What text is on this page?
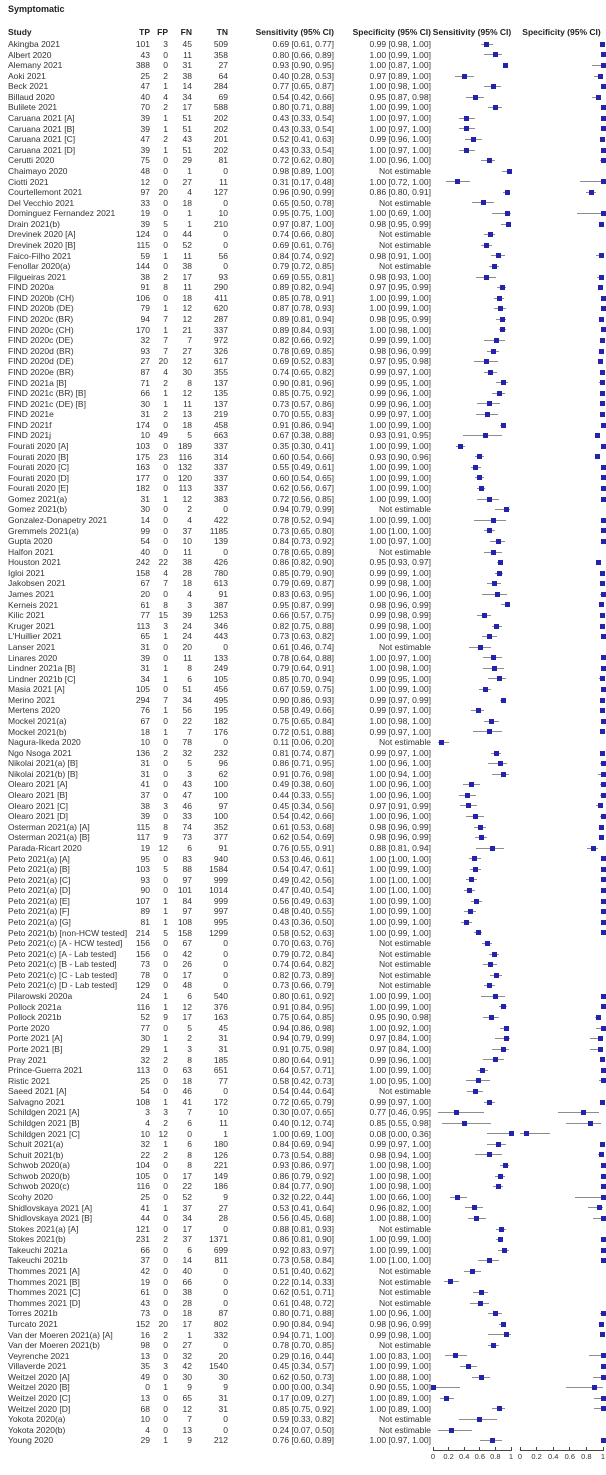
Symptomatic
Study	TP FP	FN	TN	Sensitivity (95% CI)	Specificity (95% CI) Sensitivity (95% CI) Specificity (95% CI)
Akingba 2021	101	3	45	509	0.69 [0.61, 0.77]	0.99 [0.98, 1.00]
Albert 2020	43	0	11	358	0.80 [0.66, 0.89]	1.00 [0.99, 1.00]
Alemany 2021	388	0	31	27	0.93 [0.90, 0.95]	1.00 [0.87, 1.00]
Aoki 2021	25	2	38	64	0.40 [0.28, 0.53]	0.97 [0.89, 1.00]
Beck 2021	47	1	14	284	0.77 [0.65, 0.87]	1.00 [0.98, 1.00]
Billaud 2020	40	4	34	69	0.54 [0.42, 0.66]	0.95 [0.87, 0.98]
Bulilete 2021	70	2	17	588	0.80 [0.71, 0.88]	1.00 [0.99, 1.00]
Caruana 2021 [A]	39	1	51	202	0.43 [0.33, 0.54]	1.00 [0.97, 1.00]
Caruana 2021 [B]	39	1	51	202	0.43 [0.33, 0.54]	1.00 [0.97, 1.00]
Caruana 2021 [C]	47	2	43	201	0.52 [0.41, 0.63]	0.99 [0.96, 1.00]
Caruana 2021 [D]	39	1	51	202	0.43 [0.33, 0.54]	1.00 [0.97, 1.00]
Cerutti 2020	75	0	29	81	0.72 [0.62, 0.80]	1.00 [0.96, 1.00]
Chaimayo 2020	48	0	1	0	0.98 [0.89, 1.00]	Not estimable
Ciotti 2021	12	0	27	11	0.31 [0.17, 0.48]	1.00 [0.72, 1.00]
Courtellemont 2021	97	20	4	127	0.96 [0.90, 0.99]	0.86 [0.80, 0.91]
Del Vecchio 2021	33	0	18	0	0.65 [0.50, 0.78]	Not estimable
Dominguez Fernandez 2021	19	0	1	10	0.95 [0.75, 1.00]	1.00 [0.69, 1.00]
Drain 2021(b)	39	5	1	210	0.97 [0.87, 1.00]	0.98 [0.95, 0.99]
Drevinek 2020 [A]	124	0	44	0	0.74 [0.66, 0.80]	Not estimable
Drevinek 2020 [B]	115	0	52	0	0.69 [0.61, 0.76]	Not estimable
Faico-Filho 2021	59	1	11	56	0.84 [0.74, 0.92]	0.98 [0.91, 1.00]
Fenollar 2020(a)	144	0	38	0	0.79 [0.72, 0.85]	Not estimable
Filgueiras 2021	38	2	17	93	0.69 [0.55, 0.81]	0.98 [0.93, 1.00]
FIND 2020a	91	8	11	290	0.89 [0.82, 0.94]	0.97 [0.95, 0.99]
FIND 2020b (CH)	106	0	18	411	0.85 [0.78, 0.91]	1.00 [0.99, 1.00]
FIND 2020b (DE)	79	1	12	620	0.87 [0.78, 0.93]	1.00 [0.99, 1.00]
FIND 2020c (BR)	94	7	12	287	0.89 [0.81, 0.94]	0.98 [0.95, 0.99]
FIND 2020c (CH)	170	1	21	337	0.89 [0.84, 0.93]	1.00 [0.98, 1.00]
FIND 2020c (DE)	32	7	7	972	0.82 [0.66, 0.92]	0.99 [0.99, 1.00]
FIND 2020d (BR)	93	7	27	326	0.78 [0.69, 0.85]	0.98 [0.96, 0.99]
FIND 2020d (DE)	27	20	12	617	0.69 [0.52, 0.83]	0.97 [0.95, 0.98]
FIND 2020e (BR)	87	4	30	355	0.74 [0.65, 0.82]	0.99 [0.97, 1.00]
FIND 2021a [B]	71	2	8	137	0.90 [0.81, 0.96]	0.99 [0.95, 1.00]
FIND 2021c (BR) [B]	66	1	12	135	0.85 [0.75, 0.92]	0.99 [0.96, 1.00]
FIND 2021c (DE) [B]	30	1	11	137	0.73 [0.57, 0.86]	0.99 [0.96, 1.00]
FIND 2021e	31	2	13	219	0.70 [0.55, 0.83]	0.99 [0.97, 1.00]
FIND 2021f	174	0	18	458	0.91 [0.86, 0.94]	1.00 [0.99, 1.00]
FIND 2021j	10	49	5	663	0.67 [0.38, 0.88]	0.93 [0.91, 0.95]
Fourati 2020 [A]	103	0	189	337	0.35 [0.30, 0.41]	1.00 [0.99, 1.00]
Fourati 2020 [B]	175	23	116	314	0.60 [0.54, 0.66]	0.93 [0.90, 0.96]
Fourati 2020 [C]	163	0	132	337	0.55 [0.49, 0.61]	1.00 [0.99, 1.00]
Fourati 2020 [D]	177	0	120	337	0.60 [0.54, 0.65]	1.00 [0.99, 1.00]
Fourati 2020 [E]	182	0	113	337	0.62 [0.56, 0.67]	1.00 [0.99, 1.00]
Gomez 2021(a)	31	1	12	383	0.72 [0.56, 0.85]	1.00 [0.99, 1.00]
Gomez 2021(b)	30	0	2	0	0.94 [0.79, 0.99]	Not estimable
Gonzalez-Donapetry 2021	14	0	4	422	0.78 [0.52, 0.94]	1.00 [0.99, 1.00]
Gremmels 2021(a)	99	0	37	1185	0.73 [0.65, 0.80]	1.00 [1.00, 1.00]
Gupta 2020	54	0	10	139	0.84 [0.73, 0.92]	1.00 [0.97, 1.00]
Halfon 2021	40	0	11	0	0.78 [0.65, 0.89]	Not estimable
Houston 2021	242	22	38	426	0.86 [0.82, 0.90]	0.95 [0.93, 0.97]
Igloi 2021	158	4	28	780	0.85 [0.79, 0.90]	0.99 [0.99, 1.00]
Jakobsen 2021	67	7	18	613	0.79 [0.69, 0.87]	0.99 [0.98, 1.00]
James 2021	20	0	4	91	0.83 [0.63, 0.95]	1.00 [0.96, 1.00]
Kerneis 2021	61	8	3	387	0.95 [0.87, 0.99]	0.98 [0.96, 0.99]
Kilic 2021	77	15	39	1253	0.66 [0.57, 0.75]	0.99 [0.98, 0.99]
Kruger 2021	113	3	24	346	0.82 [0.75, 0.88]	0.99 [0.98, 1.00]
L'Huillier 2021	65	1	24	443	0.73 [0.63, 0.82]	1.00 [0.99, 1.00]
Lanser 2021	31	0	20	0	0.61 [0.46, 0.74]	Not estimable
Linares 2020	39	0	11	133	0.78 [0.64, 0.88]	1.00 [0.97, 1.00]
Lindner 2021a [B]	31	1	8	249	0.79 [0.64, 0.91]	1.00 [0.98, 1.00]
Lindner 2021b [C]	34	1	6	105	0.85 [0.70, 0.94]	0.99 [0.95, 1.00]
Masia 2021 [A]	105	0	51	456	0.67 [0.59, 0.75]	1.00 [0.99, 1.00]
Merino 2021	294	7	34	495	0.90 [0.86, 0.93]	0.99 [0.97, 0.99]
Mertens 2020	76	1	56	195	0.58 [0.49, 0.66]	0.99 [0.97, 1.00]
Mockel 2021(a)	67	0	22	182	0.75 [0.65, 0.84]	1.00 [0.98, 1.00]
Mockel 2021(b)	18	1	7	176	0.72 [0.51, 0.88]	0.99 [0.97, 1.00]
Nagura-Ikeda 2020	10	0	78	0	0.11 [0.06, 0.20]	Not estimable
Ngo Nsoga 2021	136	2	32	232	0.81 [0.74, 0.87]	0.99 [0.97, 1.00]
Nikolai 2021(a) [B]	31	0	5	96	0.86 [0.71, 0.95]	1.00 [0.96, 1.00]
Nikolai 2021(b) [B]	31	0	3	62	0.91 [0.76, 0.98]	1.00 [0.94, 1.00]
Olearo 2021 [A]	41	0	43	100	0.49 [0.38, 0.60]	1.00 [0.96, 1.00]
Olearo 2021 [B]	37	0	47	100	0.44 [0.33, 0.55]	1.00 [0.96, 1.00]
Olearo 2021 [C]	38	3	46	97	0.45 [0.34, 0.56]	0.97 [0.91, 0.99]
Olearo 2021 [D]	39	0	33	100	0.54 [0.42, 0.66]	1.00 [0.96, 1.00]
Osterman 2021(a) [A]	115	8	74	352	0.61 [0.53, 0.68]	0.98 [0.96, 0.99]
Osterman 2021(a) [B]	117	9	73	377	0.62 [0.54, 0.69]	0.98 [0.96, 0.99]
Parada-Ricart 2020	19	12	6	91	0.76 [0.55, 0.91]	0.88 [0.81, 0.94]
Peto 2021(a) [A]	95	0	83	940	0.53 [0.46, 0.61]	1.00 [1.00, 1.00]
Peto 2021(a) [B]	103	5	88	1584	0.54 [0.47, 0.61]	1.00 [0.99, 1.00]
Peto 2021(a) [C]	93	0	97	999	0.49 [0.42, 0.56]	1.00 [1.00, 1.00]
Peto 2021(a) [D]	90	0	101	1014	0.47 [0.40, 0.54]	1.00 [1.00, 1.00]
Peto 2021(a) [E]	107	1	84	999	0.56 [0.49, 0.63]	1.00 [0.99, 1.00]
Peto 2021(a) [F]	89	1	97	997	0.48 [0.40, 0.55]	1.00 [0.99, 1.00]
Peto 2021(a) [G]	81	1	108	995	0.43 [0.36, 0.50]	1.00 [0.99, 1.00]
Peto 2021(b) [non-HCW tested]	214	5	158	1299	0.58 [0.52, 0.63]	1.00 [0.99, 1.00]
Peto 2021(c) [A - HCW tested]	156	0	67	0	0.70 [0.63, 0.76]	Not estimable
Peto 2021(c) [A - Lab tested]	156	0	42	0	0.79 [0.72, 0.84]	Not estimable
Peto 2021(c) [B - Lab tested]	73	0	26	0	0.74 [0.64, 0.82]	Not estimable
Peto 2021(c) [C - Lab tested]	78	0	17	0	0.82 [0.73, 0.89]	Not estimable
Peto 2021(c) [D - Lab tested]	129	0	48	0	0.73 [0.66, 0.79]	Not estimable
Pilarowski 2020a	24	1	6	540	0.80 [0.61, 0.92]	1.00 [0.99, 1.00]
Pollock 2021a	116	1	12	376	0.91 [0.84, 0.95]	1.00 [0.99, 1.00]
Pollock 2021b	52	9	17	163	0.75 [0.64, 0.85]	0.95 [0.90, 0.98]
Porte 2020	77	0	5	45	0.94 [0.86, 0.98]	1.00 [0.92, 1.00]
Porte 2021 [A]	30	1	2	31	0.94 [0.79, 0.99]	0.97 [0.84, 1.00]
Porte 2021 [B]	29	1	3	31	0.91 [0.75, 0.98]	0.97 [0.84, 1.00]
Pray 2021	32	2	8	185	0.80 [0.64, 0.91]	0.99 [0.96, 1.00]
Prince-Guerra 2021	113	0	63	651	0.64 [0.57, 0.71]	1.00 [0.99, 1.00]
Ristic 2021	25	0	18	77	0.58 [0.42, 0.73]	1.00 [0.95, 1.00]
Saeed 2021 [A]	54	0	46	0	0.54 [0.44, 0.64]	Not estimable
Salvagno 2021	108	1	41	172	0.72 [0.65, 0.79]	0.99 [0.97, 1.00]
Schildgen 2021 [A]	3	3	7	10	0.30 [0.07, 0.65]	0.77 [0.46, 0.95]
Schildgen 2021 [B]	4	2	6	11	0.40 [0.12, 0.74]	0.85 [0.55, 0.98]
Schildgen 2021 [C]	10	12	0	1	1.00 [0.69, 1.00]	0.08 [0.00, 0.36]
Schuit 2021(a)	32	1	6	180	0.84 [0.69, 0.94]	0.99 [0.97, 1.00]
Schuit 2021(b)	22	2	8	126	0.73 [0.54, 0.88]	0.98 [0.94, 1.00]
Schwob 2020(a)	104	0	8	221	0.93 [0.86, 0.97]	1.00 [0.98, 1.00]
Schwob 2020(b)	105	0	17	149	0.86 [0.79, 0.92]	1.00 [0.98, 1.00]
Schwob 2020(c)	116	0	22	186	0.84 [0.77, 0.90]	1.00 [0.98, 1.00]
Scohy 2020	25	0	52	9	0.32 [0.22, 0.44]	1.00 [0.66, 1.00]
Shidlovskaya 2021 [A]	41	1	37	27	0.53 [0.41, 0.64]	0.96 [0.82, 1.00]
Shidlovskaya 2021 [B]	44	0	34	28	0.56 [0.45, 0.68]	1.00 [0.88, 1.00]
Stokes 2021(a) [A]	121	0	17	0	0.88 [0.81, 0.93]	Not estimable
Stokes 2021(b)	231	2	37	1371	0.86 [0.81, 0.90]	1.00 [0.99, 1.00]
Takeuchi 2021a	66	0	6	699	0.92 [0.83, 0.97]	1.00 [0.99, 1.00]
Takeuchi 2021b	37	0	14	811	0.73 [0.58, 0.84]	1.00 [1.00, 1.00]
Thommes 2021 [A]	42	0	40	0	0.51 [0.40, 0.62]	Not estimable
Thommes 2021 [B]	19	0	66	0	0.22 [0.14, 0.33]	Not estimable
Thommes 2021 [C]	61	0	38	0	0.62 [0.51, 0.71]	Not estimable
Thommes 2021 [D]	43	0	28	0	0.61 [0.48, 0.72]	Not estimable
Torres 2021b	73	0	18	87	0.80 [0.71, 0.88]	1.00 [0.96, 1.00]
Turcato 2021	152	20	17	802	0.90 [0.84, 0.94]	0.98 [0.96, 0.99]
Van der Moeren 2021(a) [A]	16	2	1	332	0.94 [0.71, 1.00]	0.99 [0.98, 1.00]
Van der Moeren 2021(b)	98	0	27	0	0.78 [0.70, 0.85]	Not estimable
Veyrenche 2021	13	0	32	20	0.29 [0.16, 0.44]	1.00 [0.83, 1.00]
Villaverde 2021	35	3	42	1540	0.45 [0.34, 0.57]	1.00 [0.99, 1.00]
Weitzel 2020 [A]	49	0	30	30	0.62 [0.50, 0.73]	1.00 [0.88, 1.00]
Weitzel 2020 [B]	0	1	9	9	0.00 [0.00, 0.34]	0.90 [0.55, 1.00]
Weitzel 2020 [C]	13	0	65	31	0.17 [0.09, 0.27]	1.00 [0.89, 1.00]
Weitzel 2020 [D]	68	0	12	31	0.85 [0.75, 0.92]	1.00 [0.89, 1.00]
Yokota 2020(a)	10	0	7	0	0.59 [0.33, 0.82]	Not estimable
Yokota 2020(b)	4	0	13	0	0.24 [0.07, 0.50]	Not estimable
Young 2020	29	1	9	212	0.76 [0.60, 0.89]	1.00 [0.97, 1.00]
0 0.2 0.4 0.6 0.8 1 0 0.2 0.4 0.6 0.8 1
